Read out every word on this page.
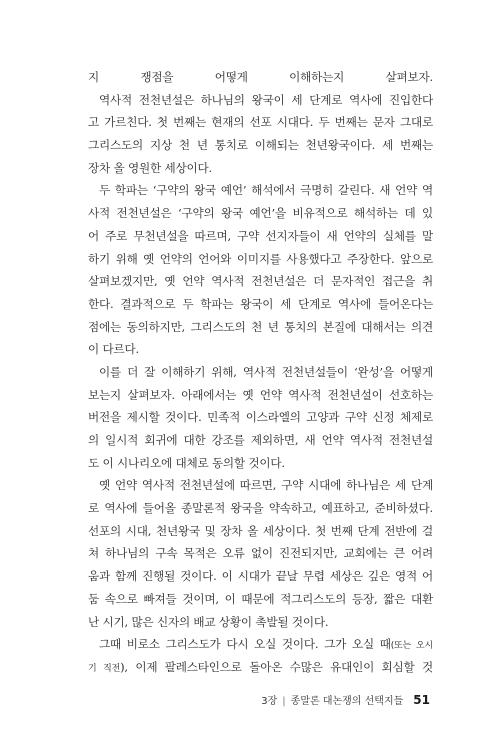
지 쟁점을 어떻게 이해하는지 살펴보자.
역사적 전천년설은 하나님의 왕국이 세 단계로 역사에 진입한다
고 가르친다. 첫 번째는 현재의 선포 시대다. 두 번째는 문자 그대로
그리스도의 지상 천 년 통치로 이해되는 천년왕국이다. 세 번째는
장차 올 영원한 세상이다.
두 학파는 ‘구약의 왕국 예언’ 해석에서 극명히 갈린다. 새 언약 역
사적 전천년설은 ‘구약의 왕국 예언’을 비유적으로 해석하는 데 있
어 주로 무천년설을 따르며, 구약 선지자들이 새 언약의 실체를 말
하기 위해 옛 언약의 언어와 이미지를 사용했다고 주장한다. 앞으로
살펴보겠지만, 옛 언약 역사적 전천년설은 더 문자적인 접근을 취
한다. 결과적으로 두 학파는 왕국이 세 단계로 역사에 들어온다는
점에는 동의하지만, 그리스도의 천 년 통치의 본질에 대해서는 의견
이 다르다.
이를 더 잘 이해하기 위해, 역사적 전천년설들이 ‘완성’을 어떻게
보는지 살펴보자. 아래에서는 옛 언약 역사적 전천년설이 선호하는
버전을 제시할 것이다. 민족적 이스라엘의 고양과 구약 신정 체제로
의 일시적 회귀에 대한 강조를 제외하면, 새 언약 역사적 전천년설
도 이 시나리오에 대체로 동의할 것이다.
옛 언약 역사적 전천년설에 따르면, 구약 시대에 하나님은 세 단계
로 역사에 들어올 종말론적 왕국을 약속하고, 예표하고, 준비하셨다.
선포의 시대, 천년왕국 및 장차 올 세상이다. 첫 번째 단계 전반에 걸
쳐 하나님의 구속 목적은 오류 없이 진전되지만, 교회에는 큰 어려
움과 함께 진행될 것이다. 이 시대가 끝날 무렵 세상은 깊은 영적 어
둠 속으로 빠져들 것이며, 이 때문에 적그리스도의 등장, 짧은 대환
난 시기, 많은 신자의 배교 상황이 촉발될 것이다.
그때 비로소 그리스도가 다시 오실 것이다. 그가 오실 때(또는 오시
기 직전), 이제 팔레스타인으로 돌아온 수많은 유대인이 회심할 것
3장 | 종말론 대논쟁의 선택지들 51
